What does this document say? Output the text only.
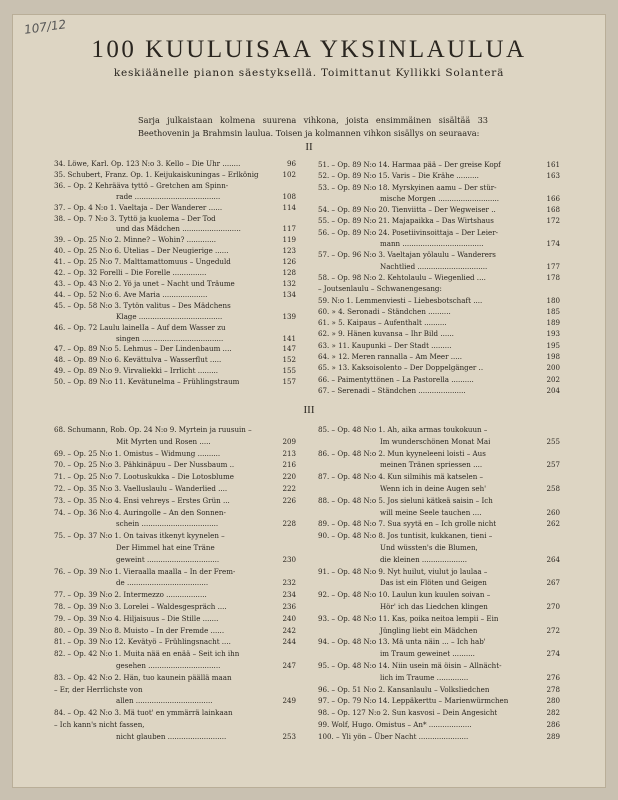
107/12
100 KUULUISAA YKSINLAULUA
keskiäänelle pianon säestyksellä. Toimittanut Kyllikki Solanterä
Sarja julkaistaan kolmena suurena vihkona, joista ensimmäinen sisältää 33 Beethovenin ja Brahmsin laulua. Toisen ja kolmannen vihkon sisällys on seuraava:
II
34. Löwe, Karl. Op. 123 N:o 3. Kello – Die Uhr ........	96
35. Schubert, Franz. Op. 1. Keijukaiskuningas – Erlkönig	102
36. – Op. 2 Kehrääva tyttö – Gretchen am Spinn-
rade ......................................	108
37. – Op. 4 N:o 1. Vaeltaja – Der Wanderer ......	114
38. – Op. 7 N:o 3. Tyttö ja kuolema – Der Tod
und das Mädchen ..........................	117
39. – Op. 25 N:o 2. Minne? – Wohin? .............	119
40. – Op. 25 N:o 6. Utelias – Der Neugierige ......	123
41. – Op. 25 N:o 7. Malttamattomuus – Ungeduld	126
42. – Op. 32 Forelli – Die Forelle ...............	128
43. – Op. 43 N:o 2. Yö ja unet – Nacht und Träume	132
44. – Op. 52 N:o 6. Ave Maria ....................	134
45. – Op. 58 N:o 3. Tytön valitus – Des Mädchens
Klage .....................................	139
46. – Op. 72 Laulu lainelIa – Auf dem Wasser zu
singen ....................................	141
47. – Op. 89 N:o 5. Lehmus – Der Lindenbaum ....	147
48. – Op. 89 N:o 6. Kevättulva – Wasserflut .....	152
49. – Op. 89 N:o 9. Virvaliekki – Irrlicht .........	155
50. – Op. 89 N:o 11. Kevätunelma – Frühlingstraum	157
51. – Op. 89 N:o 14. Harmaa pää – Der greise Kopf	161
52. – Op. 89 N:o 15. Varis – Die Krähe ..........	163
53. – Op. 89 N:o 18. Myrskyinen aamu – Der stür-
mische Morgen ...........................	166
54. – Op. 89 N:o 20. Tienviitta – Der Wegweiser ..	168
55. – Op. 89 N:o 21. Majapaikka – Das Wirtshaus	172
56. – Op. 89 N:o 24. Posetiivinsoittaja – Der Leier-
mann ....................................	174
57. – Op. 96 N:o 3. Vaeltajan yölaulu – Wanderers
Nachtlied ...............................	177
58. – Op. 98 N:o 2. Kehtolaulu – Wiegenlied ....	178
– Joutsenlaulu – Schwanengesang:
59. N:o 1. Lemmenviesti – Liebesbotschaft ....	180
60. » 4. Seronadi – Ständchen ..........	185
61. » 5. Kaipaus – Aufenthalt ..........	189
62. » 9. Hänen kuvansa – Ihr Bild ......	193
63. » 11. Kaupunki – Der Stadt .........	195
64. » 12. Meren rannalla – Am Meer .....	198
65. » 13. Kaksoisolento – Der Doppelgänger ..	200
66. – Paimentyttönen – La Pastorella ..........	202
67. – Serenadi – Ständchen .....................	204
III
68. Schumann, Rob. Op. 24 N:o 9. Myrtein ja ruusuin –
Mit Myrten und Rosen .....	209
69. – Op. 25 N:o 1. Omistus – Widmung ..........	213
70. – Op. 25 N:o 3. Pähkinäpuu – Der Nussbaum ..	216
71. – Op. 25 N:o 7. Lootuskukka – Die Lotosblume	220
72. – Op. 35 N:o 3. Vaelluslaulu – Wanderlied ....	222
73. – Op. 35 N:o 4. Ensi vehreys – Erstes Grün ...	226
74. – Op. 36 N:o 4. Auringolle – An den Sonnen-
schein ..................................	228
75. – Op. 37 N:o 1. On taivas itkenyt kyynelen –
Der Himmel hat eine Träne
geweint ................................	230
76. – Op. 39 N:o 1. Vieraalla maalla – In der Frem-
de ....................................	232
77. – Op. 39 N:o 2. Intermezzo ..................	234
78. – Op. 39 N:o 3. Lorelei – Waldesgespräch ....	236
79. – Op. 39 N:o 4. Hiljaisuus – Die Stille .......	240
80. – Op. 39 N:o 8. Muisto – In der Fremde ......	242
81. – Op. 39 N:o 12. Kevätyö – Frühlingsnacht ....	244
82. – Op. 42 N:o 1. Muita nää en enää – Seit ich ihn
gesehen ................................	247
83. – Op. 42 N:o 2. Hän, tuo kaunein päällä maan
– Er, der Herrlichste von
allen ..................................	249
84. – Op. 42 N:o 3. Mä tuot' en ymmärrä lainkaan
– Ich kann's nicht fassen,
nicht glauben ..........................	253
85. – Op. 48 N:o 1. Ah, aika armas toukokuun –
Im wunderschönen Monat Mai	255
86. – Op. 48 N:o 2. Mun kyyneleeni loisti – Aus
meinen Tränen spriessen ....	257
87. – Op. 48 N:o 4. Kun silmihis mä katselen –
Wenn ich in deine Augen seh'	258
88. – Op. 48 N:o 5. Jos sieluni kätkeä saisin – Ich
will meine Seele tauchen ....	260
89. – Op. 48 N:o 7. Sua syytä en – Ich grolle nicht	262
90. – Op. 48 N:o 8. Jos tuntisit, kukkanen, tieni –
Und wüssten's die Blumen,
die kleinen ....................	264
91. – Op. 48 N:o 9. Nyt huilut, viulut jo laulaa –
Das ist ein Flöten und Geigen	267
92. – Op. 48 N:o 10. Laulun kun kuulen soivan –
Hör' ich das Liedchen klingen	270
93. – Op. 48 N:o 11. Kas, poika neitoa lempii – Ein
Jüngling liebt ein Mädchen	272
94. – Op. 48 N:o 13. Mä unta näin ... – Ich hab'
im Traum geweinet ..........	274
95. – Op. 48 N:o 14. Niin usein mä öisin – Allnächt-
lich im Traume ..............	276
96. – Op. 51 N:o 2. Kansanlaulu – Volksliedchen	278
97. – Op. 79 N:o 14. Leppäkerttu – Marienwürmchen	280
98. – Op. 127 N:o 2. Sun kasvosi – Dein Angesicht	282
99. Wolf, Hugo. Omistus – An* ...................	286
100. – Yli yön – Über Nacht ......................	289
